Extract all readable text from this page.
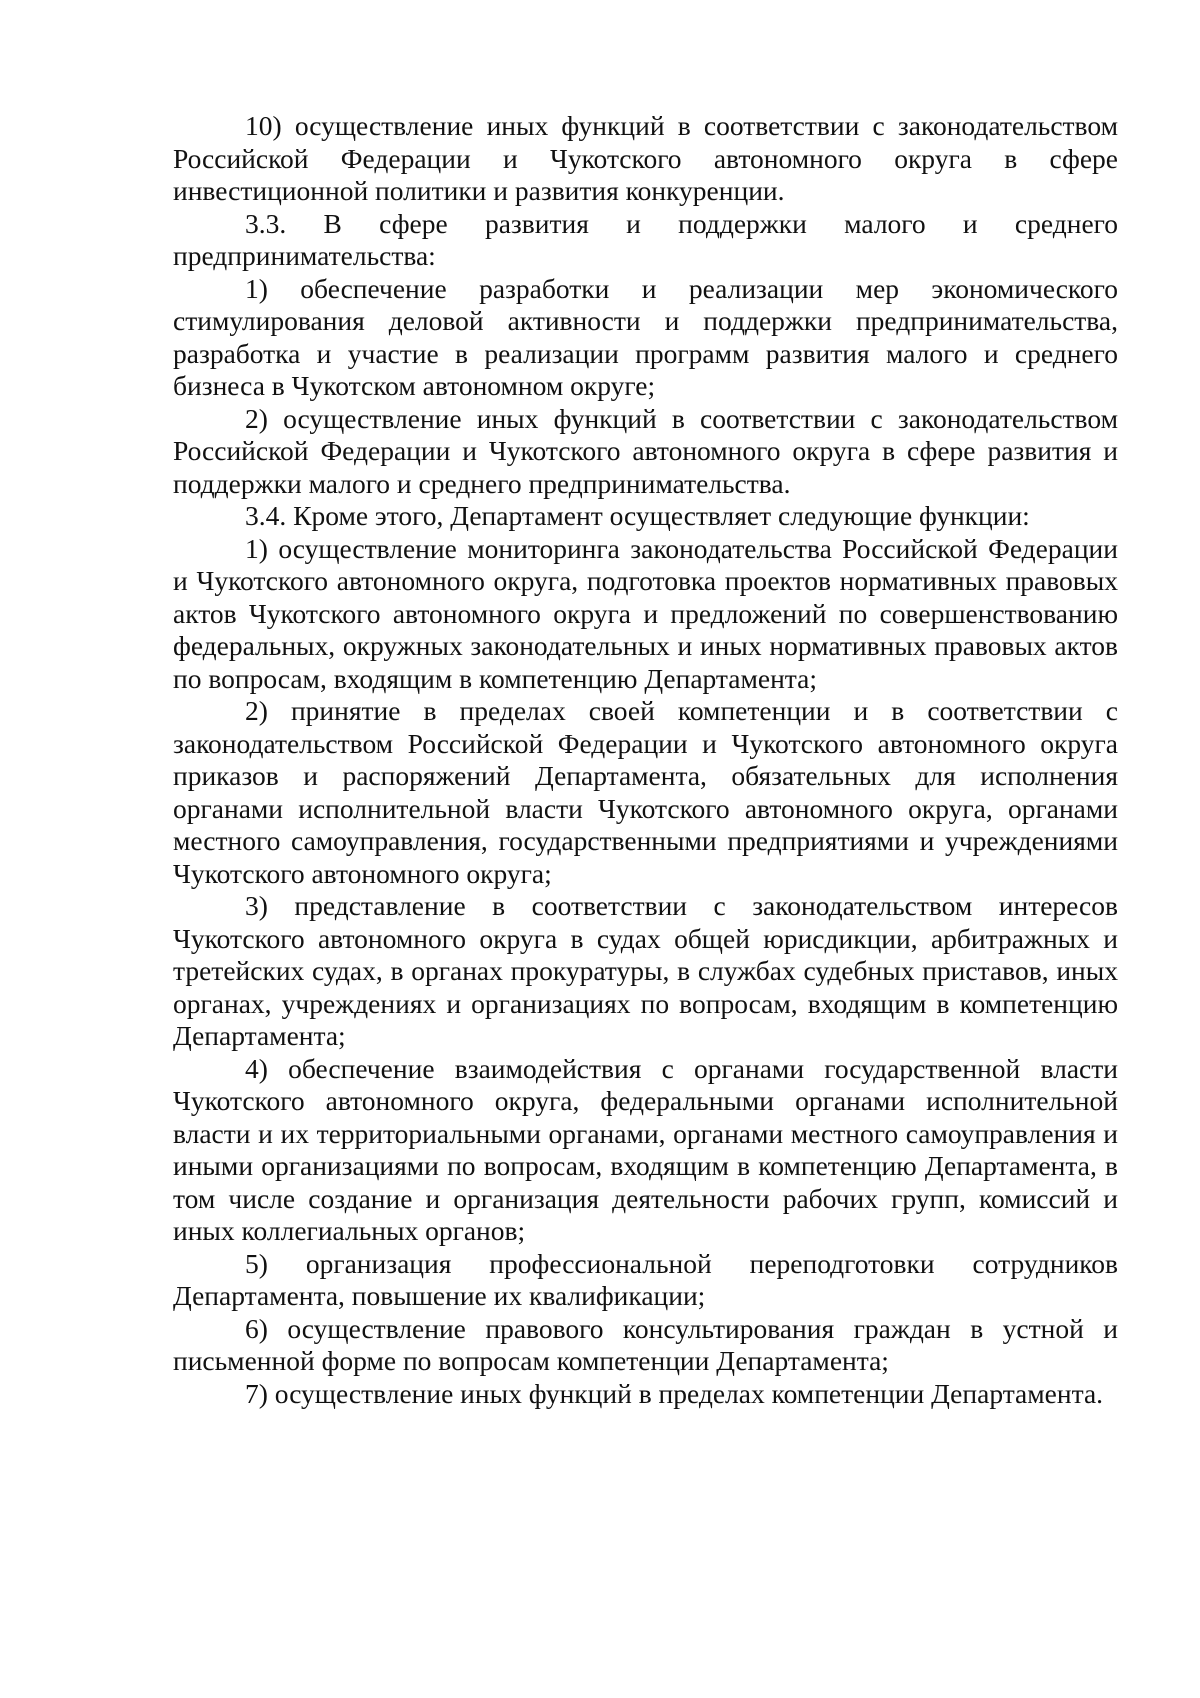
10) осуществление иных функций в соответствии с законодательством Российской Федерации и Чукотского автономного округа в сфере инвестиционной политики и развития конкуренции.

3.3. В сфере развития и поддержки малого и среднего предпринимательства:

1) обеспечение разработки и реализации мер экономического стимулирования деловой активности и поддержки предпринимательства, разработка и участие в реализации программ развития малого и среднего бизнеса в Чукотском автономном округе;

2) осуществление иных функций в соответствии с законодательством Российской Федерации и Чукотского автономного округа в сфере развития и поддержки малого и среднего предпринимательства.

3.4. Кроме этого, Департамент осуществляет следующие функции:

1) осуществление мониторинга законодательства Российской Федерации и Чукотского автономного округа, подготовка проектов нормативных правовых актов Чукотского автономного округа и предложений по совершенствованию федеральных, окружных законодательных и иных нормативных правовых актов по вопросам, входящим в компетенцию Департамента;

2) принятие в пределах своей компетенции и в соответствии с законодательством Российской Федерации и Чукотского автономного округа приказов и распоряжений Департамента, обязательных для исполнения органами исполнительной власти Чукотского автономного округа, органами местного самоуправления, государственными предприятиями и учреждениями Чукотского автономного округа;

3) представление в соответствии с законодательством интересов Чукотского автономного округа в судах общей юрисдикции, арбитражных и третейских судах, в органах прокуратуры, в службах судебных приставов, иных органах, учреждениях и организациях по вопросам, входящим в компетенцию Департамента;

4) обеспечение взаимодействия с органами государственной власти Чукотского автономного округа, федеральными органами исполнительной власти и их территориальными органами, органами местного самоуправления и иными организациями по вопросам, входящим в компетенцию Департамента, в том числе создание и организация деятельности рабочих групп, комиссий и иных коллегиальных органов;

5) организация профессиональной переподготовки сотрудников Департамента, повышение их квалификации;

6) осуществление правового консультирования граждан в устной и письменной форме по вопросам компетенции Департамента;

7) осуществление иных функций в пределах компетенции Департамента.
